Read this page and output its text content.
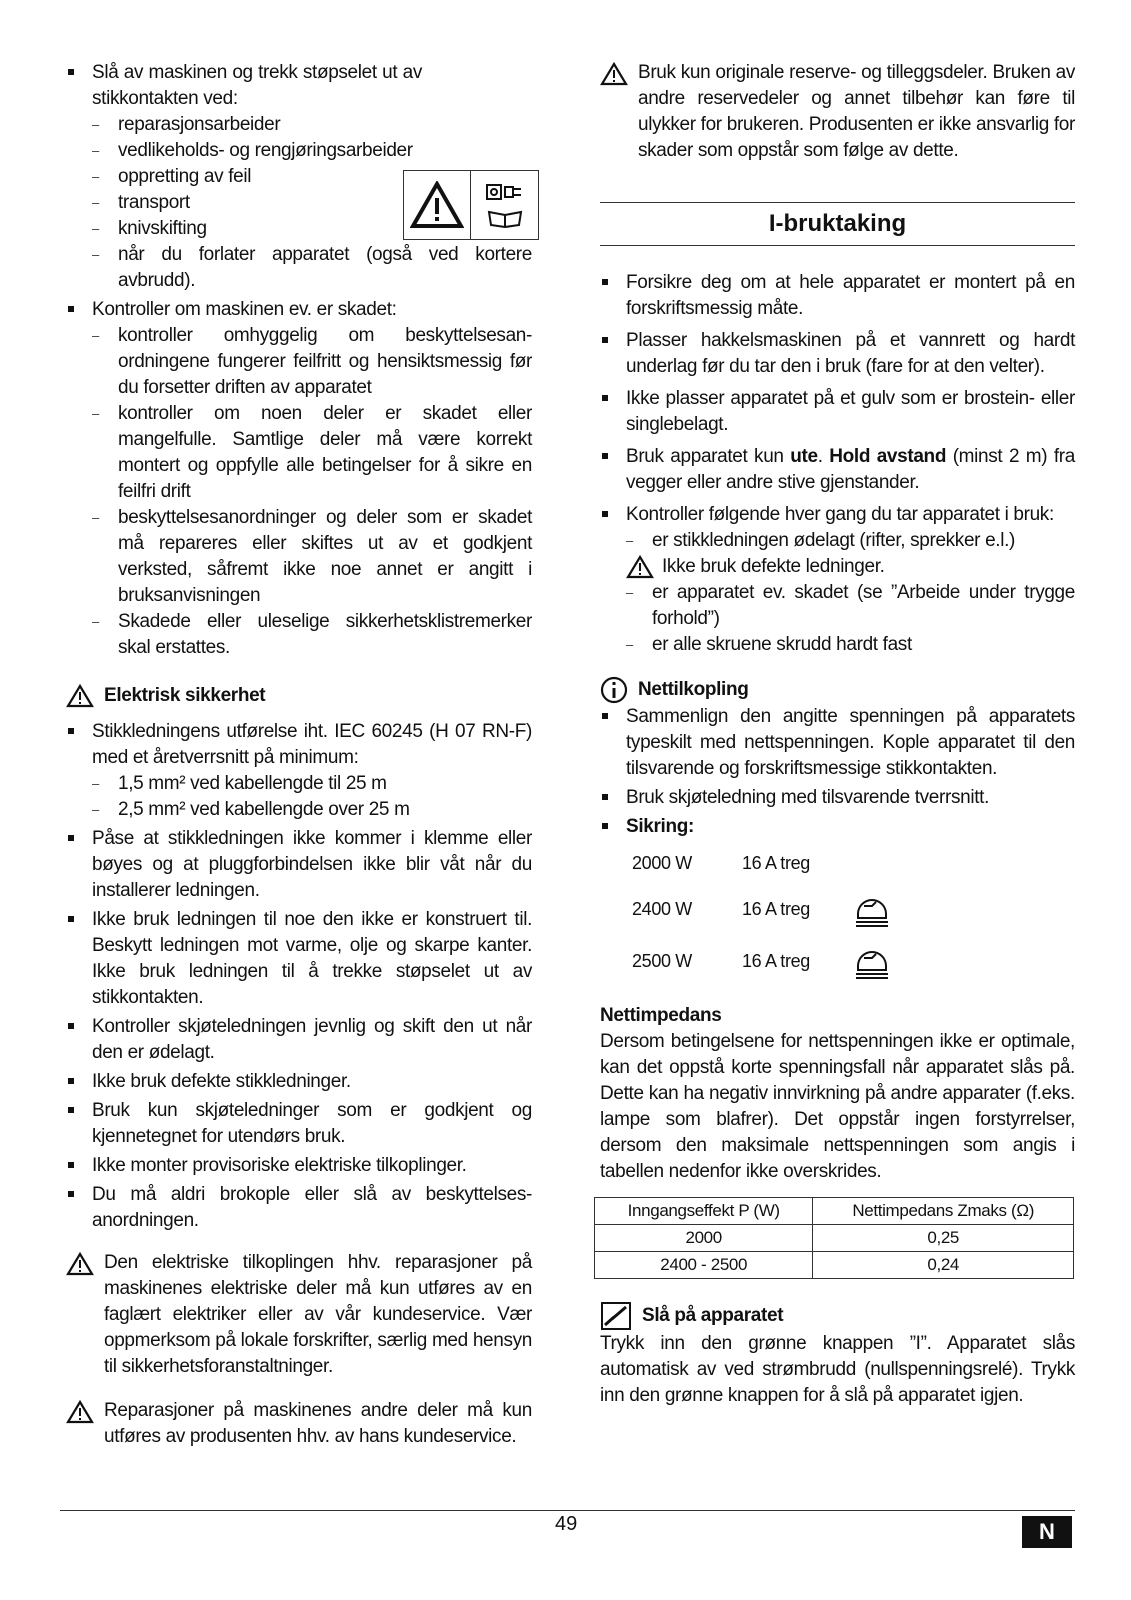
Slå av maskinen og trekk støpselet ut av stikkontakten ved:
– reparasjonsarbeider
– vedlikeholds- og rengjøringsarbeider
– oppretting av feil
– transport
– knivskifting
– når du forlater apparatet (også ved kortere avbrudd).
Kontroller om maskinen ev. er skadet:
– kontroller omhyggelig om beskyttelsesan-ordningene fungerer feilfritt og hensiktsmessig før du forsetter driften av apparatet
– kontroller om noen deler er skadet eller mangelfulle. Samtlige deler må være korrekt montert og oppfylle alle betingelser for å sikre en feilfri drift
– beskyttelsesanordninger og deler som er skadet må repareres eller skiftes ut av et godkjent verksted, såfremt ikke noe annet er angitt i bruksanvisningen
– Skadede eller uleselige sikkerhetsklistremerker skal erstattes.
Elektrisk sikkerhet
Stikkledningens utførelse iht. IEC 60245 (H 07 RN-F) med et åretverrsnitt på minimum:
– 1,5 mm² ved kabellengde til 25 m
– 2,5 mm² ved kabellengde over 25 m
Påse at stikkledningen ikke kommer i klemme eller bøyes og at pluggforbindelsen ikke blir våt når du installerer ledningen.
Ikke bruk ledningen til noe den ikke er konstruert til. Beskytt ledningen mot varme, olje og skarpe kanter. Ikke bruk ledningen til å trekke støpselet ut av stikkontakten.
Kontroller skjøteledningen jevnlig og skift den ut når den er ødelagt.
Ikke bruk defekte stikkledninger.
Bruk kun skjøteledninger som er godkjent og kjennetegnet for utendørs bruk.
Ikke monter provisoriske elektriske tilkoplinger.
Du må aldri brokople eller slå av beskyttelses-anordningen.

Den elektriske tilkoplingen hhv. reparasjoner på maskinenes elektriske deler må kun utføres av en faglært elektriker eller av vår kundeservice. Vær oppmerksom på lokale forskrifter, særlig med hensyn til sikkerhetsforanstaltninger.

Reparasjoner på maskinenes andre deler må kun utføres av produsenten hhv. av hans kundeservice.

Bruk kun originale reserve- og tilleggsdeler. Bruken av andre reservedeler og annet tilbehør kan føre til ulykker for brukeren. Produsenten er ikke ansvarlig for skader som oppstår som følge av dette.

I-bruktaking
Forsikre deg om at hele apparatet er montert på en forskriftsmessig måte.
Plasser hakkelsmaskinen på et vannrett og hardt underlag før du tar den i bruk (fare for at den velter).
Ikke plasser apparatet på et gulv som er brostein- eller singlebelagt.
Bruk apparatet kun ute. Hold avstand (minst 2 m) fra vegger eller andre stive gjenstander.
Kontroller følgende hver gang du tar apparatet i bruk:
– er stikkledningen ødelagt (rifter, sprekker e.l.)
Ikke bruk defekte ledninger.
– er apparatet ev. skadet (se ”Arbeide under trygge forhold”)
– er alle skruene skrudd hardt fast
Nettilkopling
Sammenlign den angitte spenningen på apparatets typeskilt med nettspenningen. Kople apparatet til den tilsvarende og forskriftsmessige stikkontakten.
Bruk skjøteledning med tilsvarende tverrsnitt.
Sikring:
2000 W	16 A treg
2400 W	16 A treg
2500 W	16 A treg
Nettimpedans

Dersom betingelsene for nettspenningen ikke er optimale, kan det oppstå korte spenningsfall når apparatet slås på. Dette kan ha negativ innvirkning på andre apparater (f.eks. lampe som blafrer). Det oppstår ingen forstyrrelser, dersom den maksimale nettspenningen som angis i tabellen nedenfor ikke overskrides.

Inngangseffekt P (W)	Nettimpedans Zmaks (Ω)
2000	0,25
2400 - 2500	0,24
Slå på apparatet

Trykk inn den grønne knappen ”I”. Apparatet slås automatisk av ved strømbrudd (nullspenningsrelé). Trykk inn den grønne knappen for å slå på apparatet igjen.

49	N
